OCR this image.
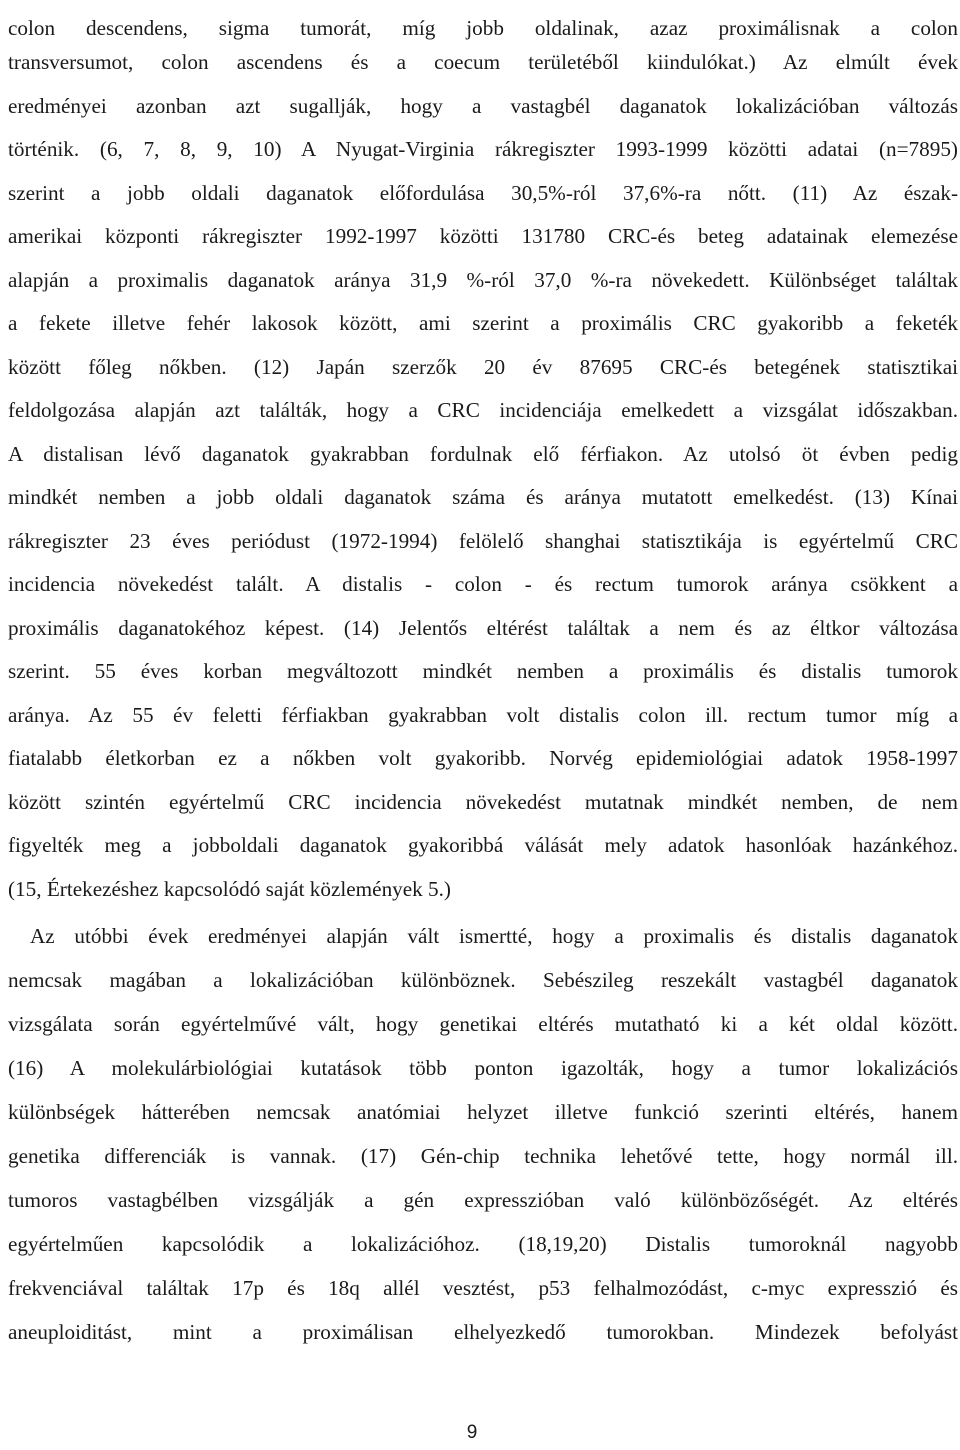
colon descendens, sigma tumorát, míg jobb oldalinak, azaz proximálisnak a colon
transversumot, colon ascendens és a coecum területéből kiindulókat.) Az elmúlt évek
eredményei azonban azt sugallják, hogy a vastagbél daganatok lokalizációban változás
történik. (6, 7, 8, 9, 10) A Nyugat-Virginia rákregiszter 1993-1999 közötti adatai (n=7895)
szerint a jobb oldali daganatok előfordulása 30,5%-ról 37,6%-ra nőtt. (11) Az észak-
amerikai központi rákregiszter 1992-1997 közötti 131780 CRC-és beteg adatainak elemezése
alapján a proximalis daganatok aránya 31,9 %-ról 37,0 %-ra növekedett. Különbséget találtak
a fekete illetve fehér lakosok között, ami szerint a proximális CRC gyakoribb a feketék
között főleg nőkben. (12) Japán szerzők 20 év 87695 CRC-és betegének statisztikai
feldolgozása alapján azt találták, hogy a CRC incidenciája emelkedett a vizsgálat időszakban.
A distalisan lévő daganatok gyakrabban fordulnak elő férfiakon. Az utolsó öt évben pedig
mindkét nemben a jobb oldali daganatok száma és aránya mutatott emelkedést. (13) Kínai
rákregiszter 23 éves periódust (1972-1994) felölelő shanghai statisztikája is egyértelmű CRC
incidencia növekedést talált. A distalis - colon - és rectum tumorok aránya csökkent a
proximális daganatokéhoz képest. (14) Jelentős eltérést találtak a nem és az éltkor változása
szerint. 55 éves korban megváltozott mindkét nemben a proximális és distalis tumorok
aránya. Az 55 év feletti férfiakban gyakrabban volt distalis colon ill. rectum tumor míg a
fiatalabb életkorban ez a nőkben volt gyakoribb. Norvég epidemiológiai adatok 1958-1997
között szintén egyértelmű CRC incidencia növekedést mutatnak mindkét nemben, de nem
figyelték meg a jobboldali daganatok gyakoribbá válását mely adatok hasonlóak hazánkéhoz.
(15, Értekezéshez kapcsolódó saját közlemények 5.)
Az utóbbi évek eredményei alapján vált ismertté, hogy a proximalis és distalis daganatok
nemcsak magában a lokalizációban különböznek. Sebészileg reszekált vastagbél daganatok
vizsgálata során egyértelművé vált, hogy genetikai eltérés mutatható ki a két oldal között.
(16) A molekulárbiológiai kutatások több ponton igazolták, hogy a tumor lokalizációs
különbségek hátterében nemcsak anatómiai helyzet illetve funkció szerinti eltérés, hanem
genetika differenciák is vannak. (17) Gén-chip technika lehetővé tette, hogy normál ill.
tumoros vastagbélben vizsgálják a gén expresszióban való különbözőségét. Az eltérés
egyértelműen kapcsolódik a lokalizációhoz. (18,19,20) Distalis tumoroknál nagyobb
frekvenciával találtak 17p és 18q allél vesztést, p53 felhalmozódást, c-myc expresszió és
aneuploiditást, mint a proximálisan elhelyezkedő tumorokban. Mindezek befolyást
9
